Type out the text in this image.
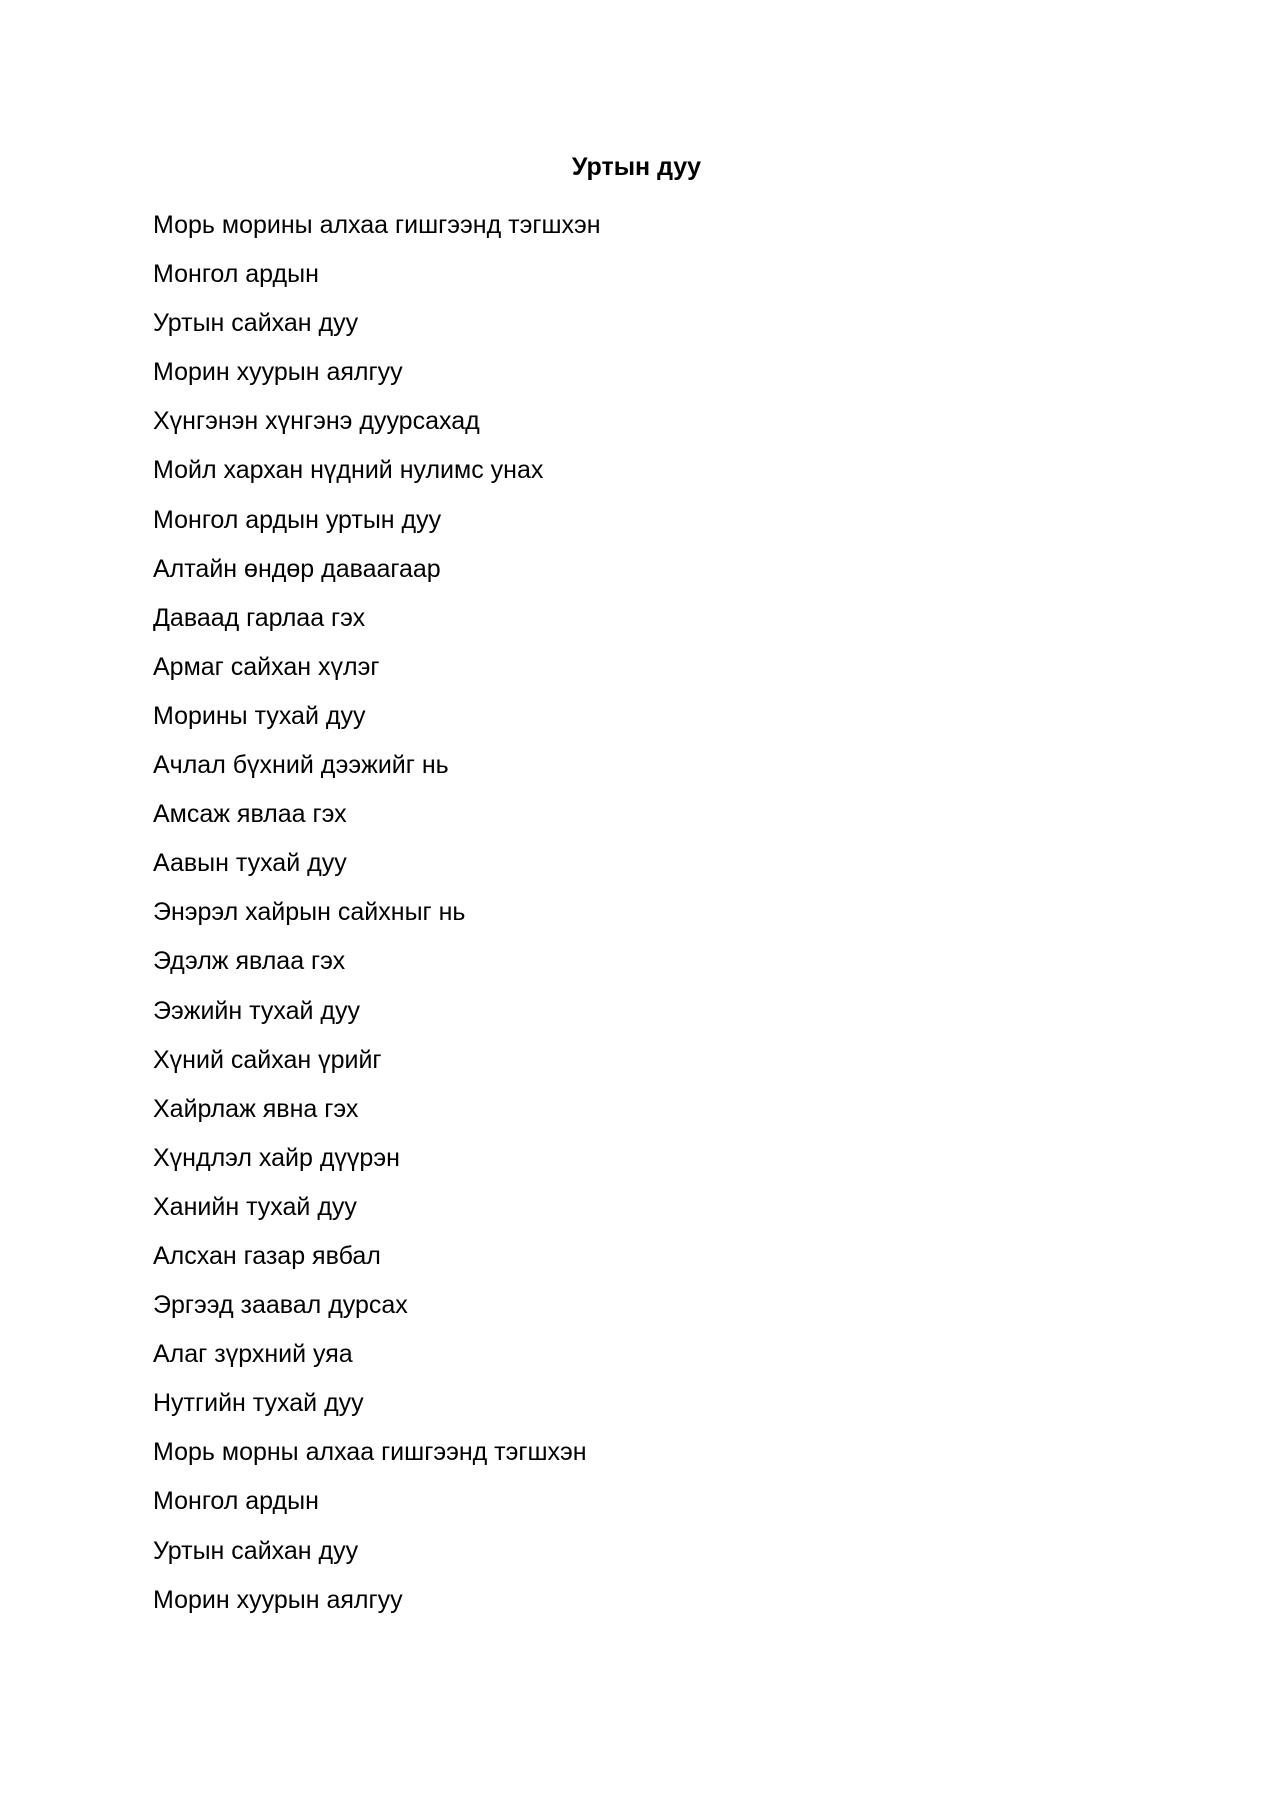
Уртын дуу
Морь морины алхаа гишгээнд тэгшхэн
Монгол ардын
Уртын сайхан дуу
Морин хуурын аялгуу
Хүнгэнэн хүнгэнэ дуурсахад
Мойл хархан нүдний нулимс унах
Монгол ардын уртын дуу
Алтайн өндөр даваагаар
Даваад гарлаа гэх
Армаг сайхан хүлэг
Морины тухай дуу
Ачлал бүхний дээжийг нь
Амсаж явлаа гэх
Аавын тухай дуу
Энэрэл хайрын сайхныг нь
Эдэлж явлаа гэх
Ээжийн тухай дуу
Хүний сайхан үрийг
Хайрлаж явна гэх
Хүндлэл хайр дүүрэн
Ханийн тухай дуу
Алсхан газар явбал
Эргээд заавал дурсах
Алаг зүрхний уяа
Нутгийн тухай дуу
Морь морны алхаа гишгээнд тэгшхэн
Монгол ардын
Уртын сайхан дуу
Морин хуурын аялгуу
